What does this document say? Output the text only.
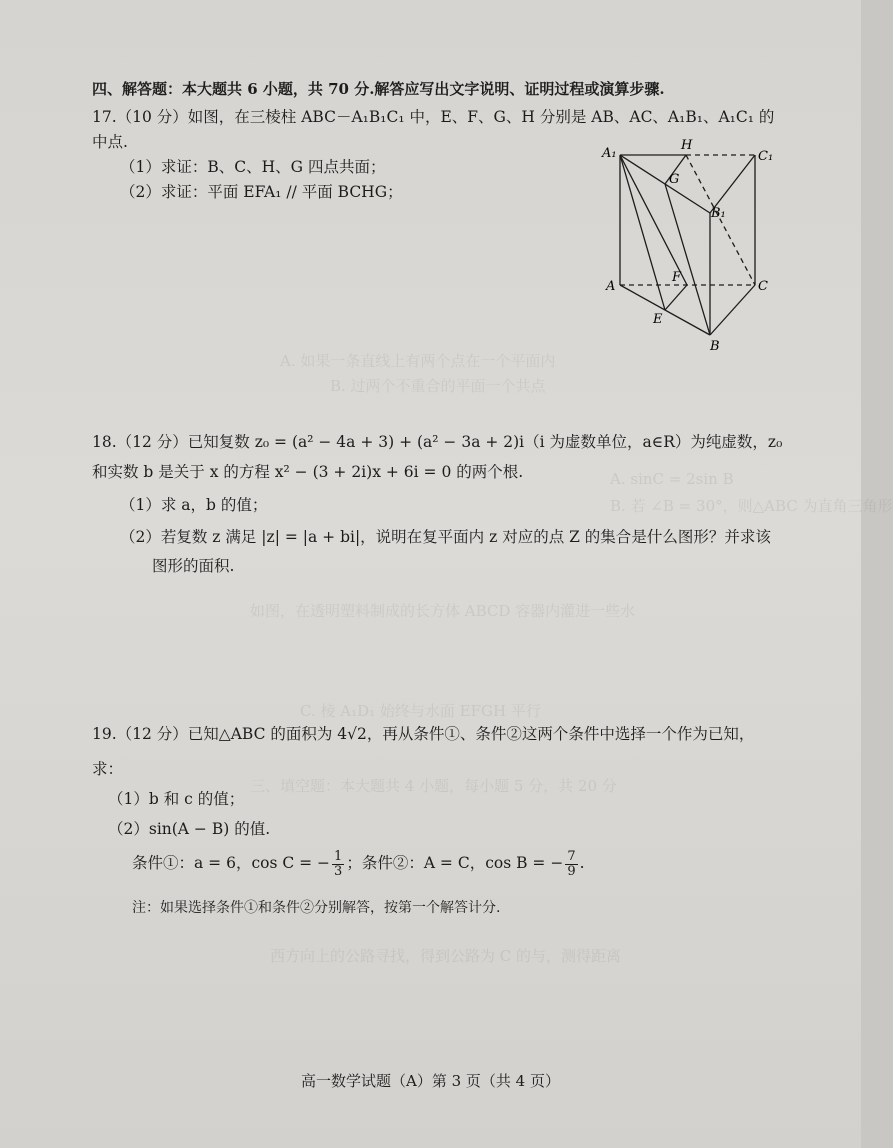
A. 如果一条直线上有两个点在一个平面内
B. 过两个不重合的平面一个共点
A. sinC = 2sin B
B. 若 ∠B = 30°，则△ABC 为直角三角形
如图，在透明塑料制成的长方体 ABCD 容器内灌进一些水
C. 棱 A₁D₁ 始终与水面 EFGH 平行
三、填空题：本大题共 4 小题，每小题 5 分，共 20 分
西方向上的公路寻找，得到公路为 C 的与，测得距离
四、解答题：本大题共 6 小题，共 70 分.解答应写出文字说明、证明过程或演算步骤.
17.（10 分）如图，在三棱柱 ABC－A₁B₁C₁ 中，E、F、G、H 分别是 AB、AC、A₁B₁、A₁C₁ 的
中点.
（1）求证：B、C、H、G 四点共面；
（2）求证：平面 EFA₁ // 平面 BCHG；
A₁
H
C₁
G
B₁
A
F
C
E
B
18.（12 分）已知复数 z₀ = (a² − 4a + 3) + (a² − 3a + 2)i（i 为虚数单位，a∈R）为纯虚数，z₀
和实数 b 是关于 x 的方程 x² − (3 + 2i)x + 6i = 0 的两个根.
（1）求 a，b 的值；
（2）若复数 z 满足 |z| = |a + bi|，说明在复平面内 z 对应的点 Z 的集合是什么图形？并求该
图形的面积.
19.（12 分）已知△ABC 的面积为 4√2，再从条件①、条件②这两个条件中选择一个作为已知，
求：
（1）b 和 c 的值；
（2）sin(A − B) 的值.
条件①：a = 6，cos C = − $\frac{1}{3}$ ；条件②：A = C，cos B = − $\frac{7}{9}$ .
注：如果选择条件①和条件②分别解答，按第一个解答计分.
高一数学试题（A）第 3 页（共 4 页）
